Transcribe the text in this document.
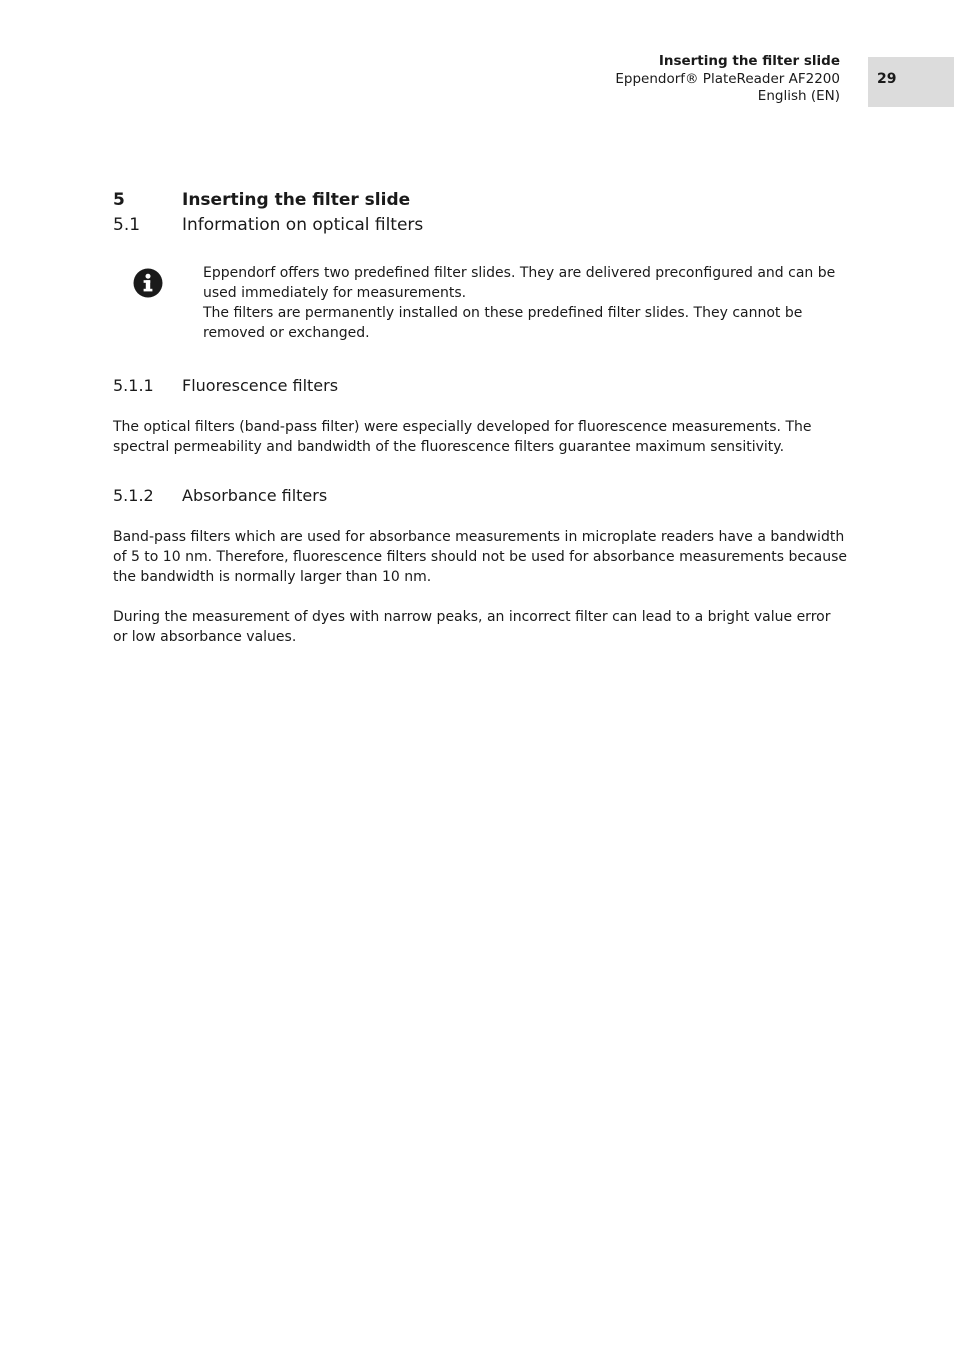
Inserting the filter slide
Eppendorf® PlateReader AF2200
English (EN)
29
5	Inserting the filter slide
5.1 Information on optical filters

Eppendorf offers two predefined filter slides. They are delivered preconfigured and can be used immediately for measurements.

The filters are permanently installed on these predefined filter slides. They cannot be removed or exchanged.

5.1.1 Fluorescence filters

The optical filters (band-pass filter) were especially developed for fluorescence measurements. The spectral permeability and bandwidth of the fluorescence filters guarantee maximum sensitivity.

5.1.2 Absorbance filters

Band-pass filters which are used for absorbance measurements in microplate readers have a bandwidth of 5 to 10 nm. Therefore, fluorescence filters should not be used for absorbance measurements because the bandwidth is normally larger than 10 nm.

During the measurement of dyes with narrow peaks, an incorrect filter can lead to a bright value error or low absorbance values.
